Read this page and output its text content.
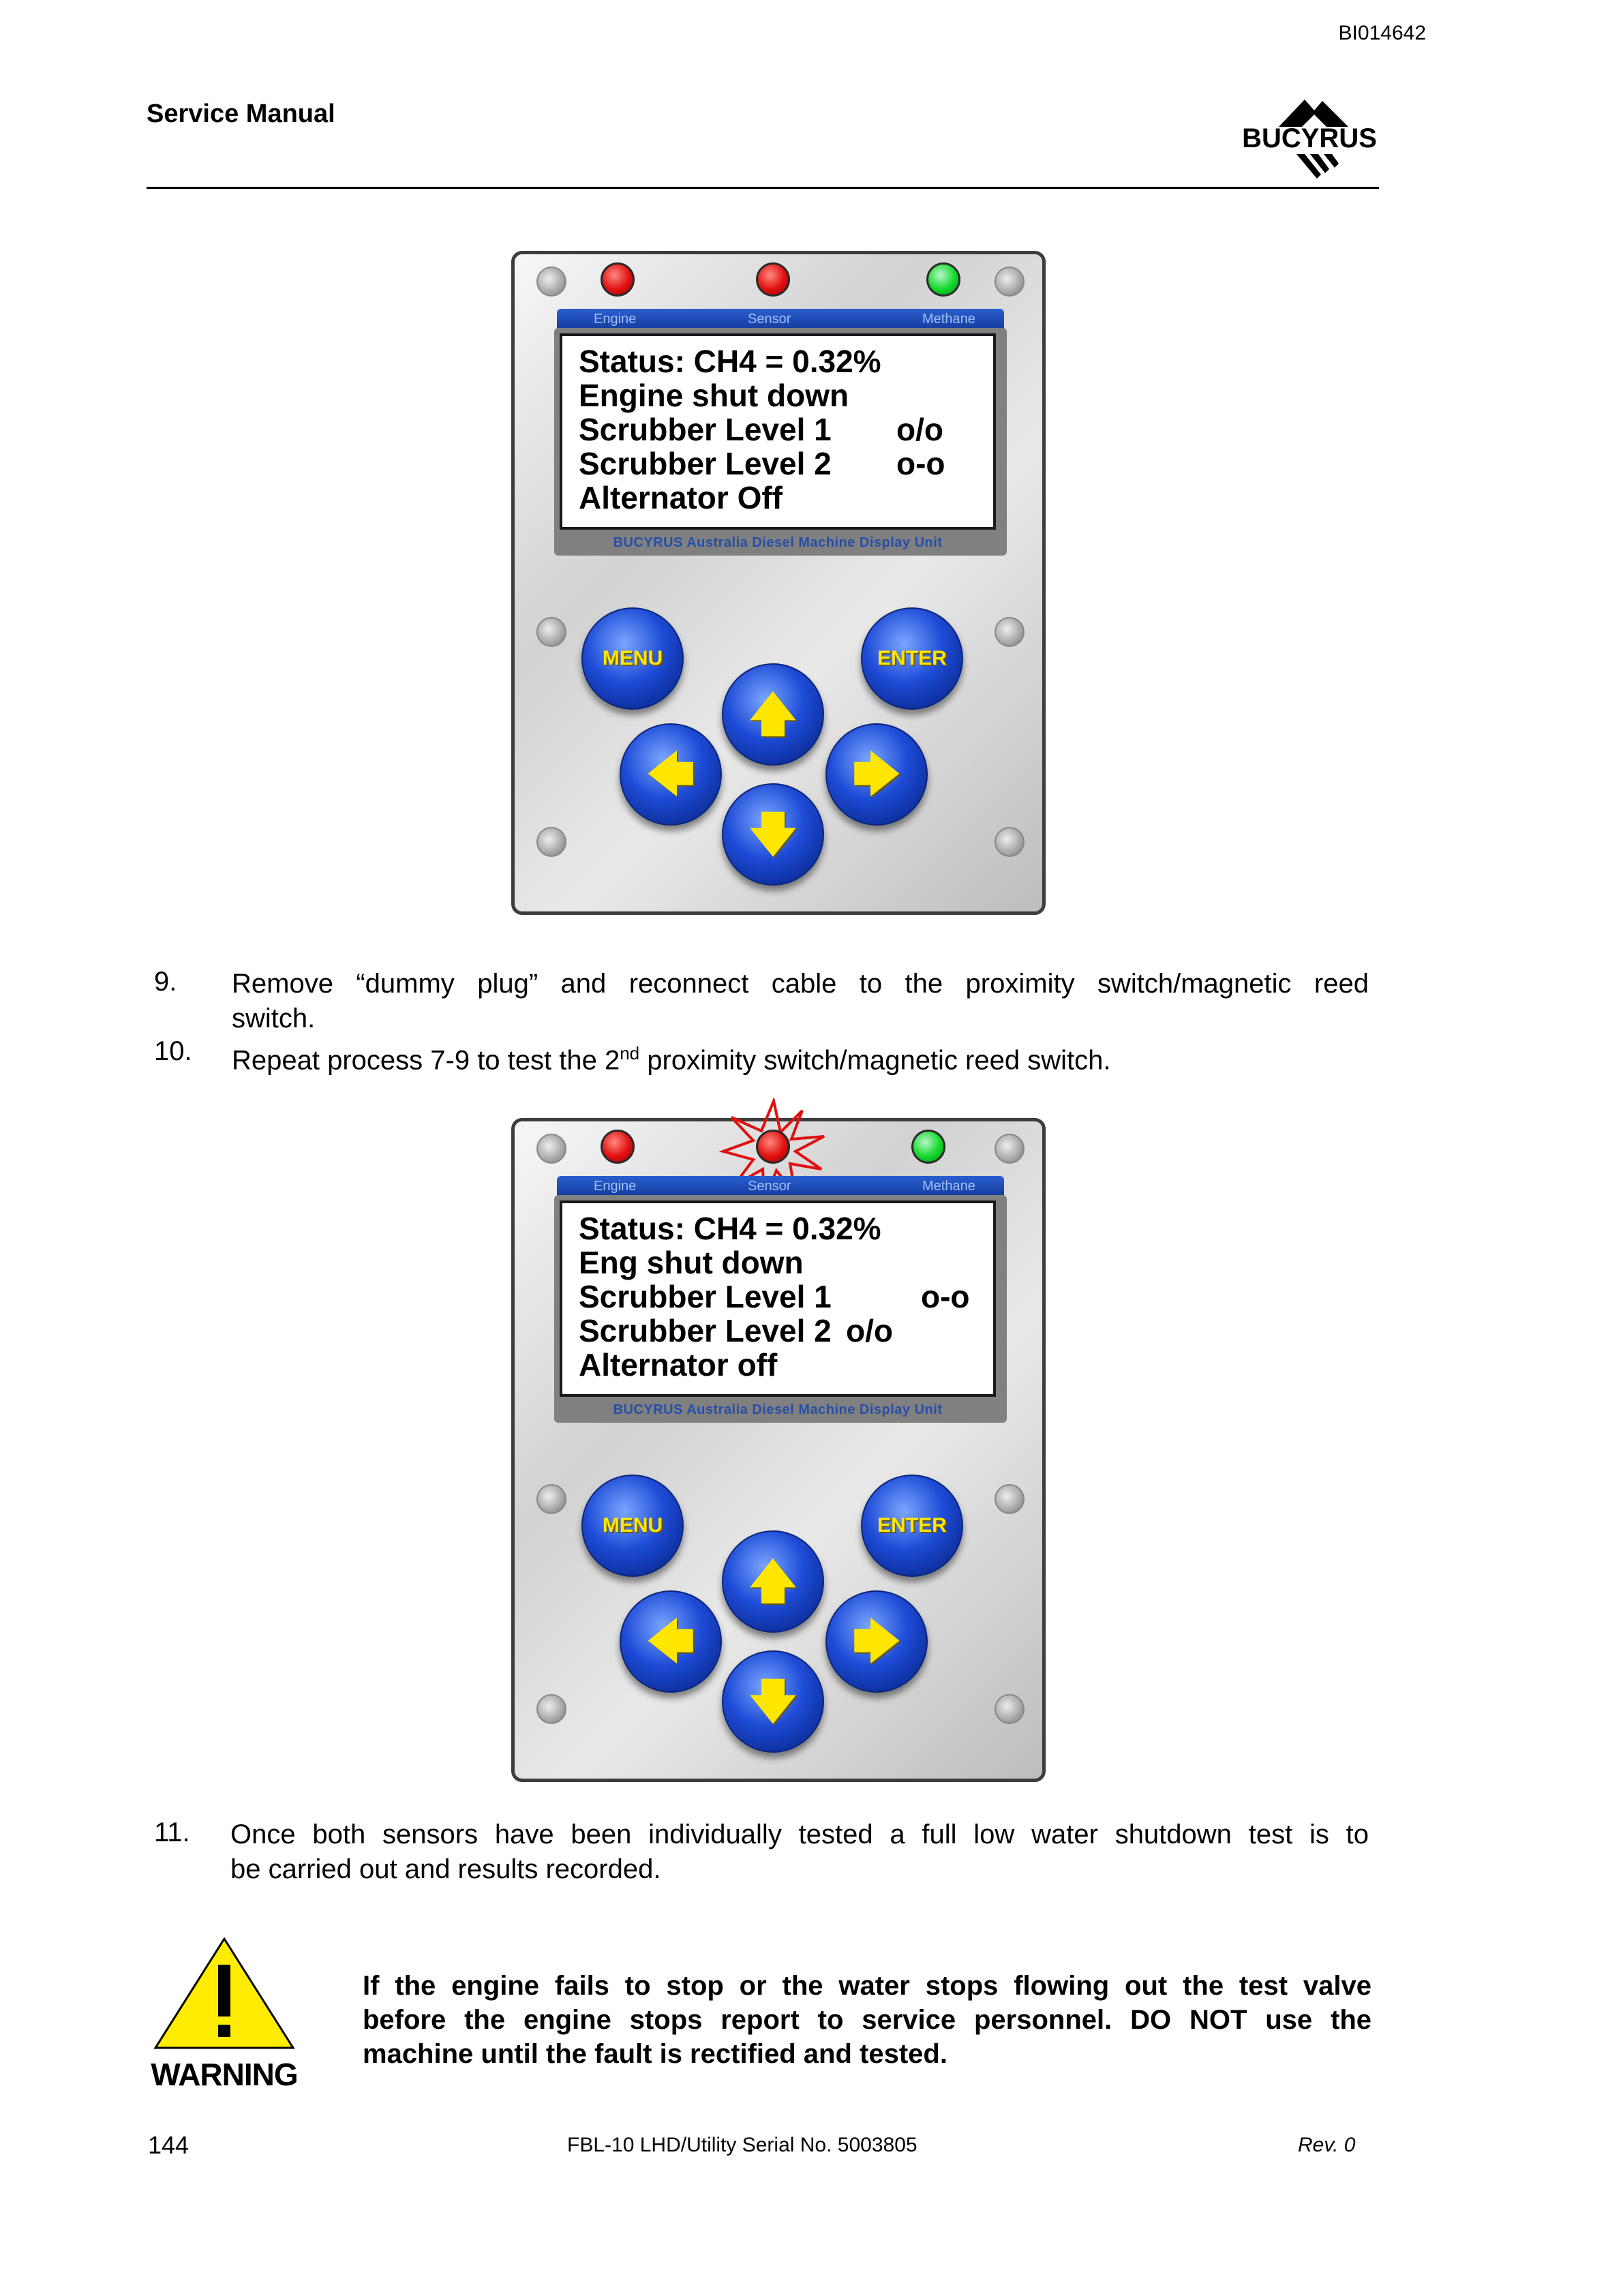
BI014642
Service Manual
BUCYRUS
Engine	Sensor	Methane
Status: CH4 = 0.32%
Engine shut down
Scrubber Level 1 o/o
Scrubber Level 2 o-o
Alternator Off
BUCYRUS Australia Diesel Machine Display Unit
MENU	ENTER
🡅
🡄	🡆
🡇
9. Remove “dummy plug” and reconnect cable to the proximity switch/magnetic reed
switch.
10. Repeat process 7-9 to test the 2nd proximity switch/magnetic reed switch.
Engine	Sensor	Methane
Status: CH4 = 0.32%
Eng shut down
Scrubber Level 1	o-o
Scrubber Level 2 o/o
Alternator off
BUCYRUS Australia Diesel Machine Display Unit
MENU	ENTER
🡅
🡄	🡆
🡇
11. Once both sensors have been individually tested a full low water shutdown test is to
be carried out and results recorded.
WARNING
If the engine fails to stop or the water stops flowing out the test valve
before the engine stops report to service personnel. DO NOT use the
machine until the fault is rectified and tested.
144	FBL-10 LHD/Utility Serial No. 5003805	Rev. 0
